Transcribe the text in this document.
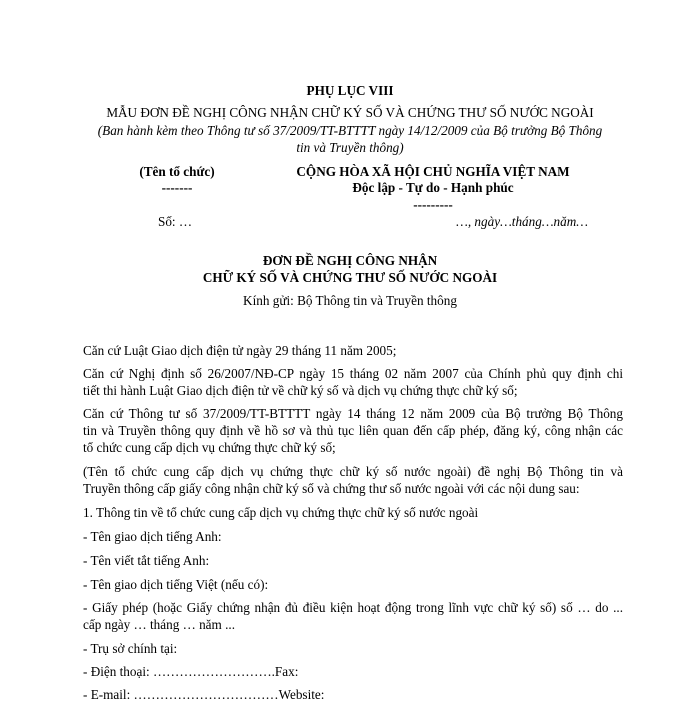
PHỤ LỤC VIII
MẪU ĐƠN ĐỀ NGHỊ CÔNG NHẬN CHỮ KÝ SỐ VÀ CHỨNG THƯ SỐ NƯỚC NGOÀI
(Ban hành kèm theo Thông tư số 37/2009/TT-BTTTT ngày 14/12/2009 của Bộ trưởng Bộ Thông
tin và Truyền thông)
(Tên tổ chức)
-------
Số: …
CỘNG HÒA XÃ HỘI CHỦ NGHĨA VIỆT NAM
Độc lập - Tự do - Hạnh phúc
---------
…, ngày…tháng…năm…
ĐƠN ĐỀ NGHỊ CÔNG NHẬN
CHỮ KÝ SỐ VÀ CHỨNG THƯ SỐ NƯỚC NGOÀI
Kính gửi: Bộ Thông tin và Truyền thông
Căn cứ Luật Giao dịch điện tử ngày 29 tháng 11 năm 2005;
Căn cứ Nghị định số 26/2007/NĐ-CP ngày 15 tháng 02 năm 2007 của Chính phủ quy định chi
tiết thi hành Luật Giao dịch điện tử về chữ ký số và dịch vụ chứng thực chữ ký số;
Căn cứ Thông tư số 37/2009/TT-BTTTT ngày 14 tháng 12 năm 2009 của Bộ trưởng Bộ Thông
tin và Truyền thông quy định về hồ sơ và thủ tục liên quan đến cấp phép, đăng ký, công nhận các
tổ chức cung cấp dịch vụ chứng thực chữ ký số;
(Tên tổ chức cung cấp dịch vụ chứng thực chữ ký số nước ngoài) đề nghị Bộ Thông tin và
Truyền thông cấp giấy công nhận chữ ký số và chứng thư số nước ngoài với các nội dung sau:
1. Thông tin về tổ chức cung cấp dịch vụ chứng thực chữ ký số nước ngoài
- Tên giao dịch tiếng Anh:
- Tên viết tắt tiếng Anh:
- Tên giao dịch tiếng Việt (nếu có):
- Giấy phép (hoặc Giấy chứng nhận đủ điều kiện hoạt động trong lĩnh vực chữ ký số) số … do ...
cấp ngày … tháng … năm ...
- Trụ sở chính tại:
- Điện thoại: ……………………….Fax:
- E-mail: ……………………………Website:
